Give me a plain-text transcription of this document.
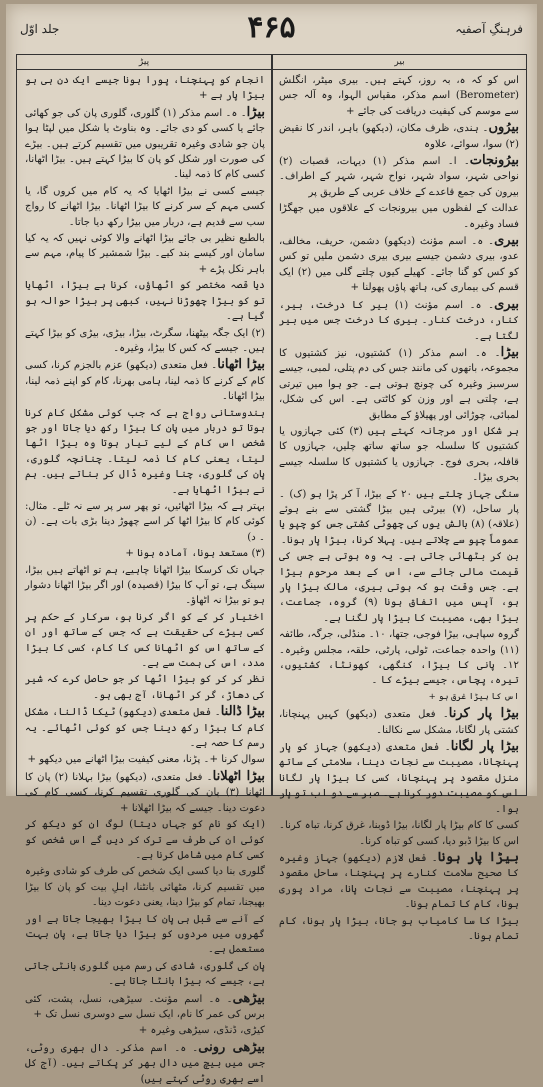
جلد اوّل	۴۶۵	فرہنگِ آصفیہ
پیڑ	بیر
اس کو کہ ہ، بہ روز، کہتے ہیں۔ بیری میٹر، انگلش (Berometer) اسم مذکر، مقیاس الہوا، وہ آلہ جس سے موسم کی کیفیت دریافت کی جائے +
بیرُوں۔ ہندی، ظرف مکان، (دیکھو) باہر، اندر کا نقیض (۲) سوا، سوائے، علاوہ
بیرُونجات۔ ا۔ اسم مذکر (۱) دیہات، قصبات (۲) نواحی شہر، سواد شہر، نواح شہر، شہر کے اطراف۔ بیرون کی جمع قاعدے کے خلاف عربی کے طریق پر
عدالت کے لفظوں میں بیرونجات کے علاقوں میں جھگڑا فساد وغیرہ۔
بیری۔ ہ۔ اسم مؤنث (دیکھو) دشمن، حریف، مخالف، عدو، بیری دشمن جیسے بیری بیری دشمن ملیں تو کس کو کس کو گنا جائے۔ کھیلے کیوں چلتے گلی میں (۲) ایک قسم کی بیماری کی، ہاتھ پاؤں پھولنا +
بیری۔ ہ۔ اسم مؤنث (۱) بیر کا درخت، بیر، کنار، درخت کنار۔ بیری کا درخت جس میں بیر لگتا ہے۔
بیڑا۔ ہ۔ اسم مذکر (۱) کشتیوں، نیز کشتیوں کا مجموعہ، باتھوں کی مانند جس کی دم پتلی، لمبی، جیسے سرسبز وغیرہ کی چونچ ہوتی ہے۔ جو ہوا میں تیرتی ہے، چلتی ہے اور وزن کو کاٹتی ہے۔ اس کی شکل، لمبائی، چوڑائی اور پھیلاؤ کے مطابق
ہر شکل اور مرجانہ کہتے ہیں (۳) کئی جہازوں یا کشتیوں کا سلسلہ جو ساتھ ساتھ چلیں، جہازوں کا قافلہ، بحری فوج۔ جہازوں یا کشتیوں کا سلسلہ جیسے بحری بیڑا۔
سنگی جہاز چلتے ہیں ۲۰ کے بیڑا، آ کر پڑا ہو (ک) ۔ پار ساحل، (۷) بیرٹی ہیں بیڑا گشتی سے بنے ہوئے (علاقہ) (۸) بالش یوں کی چھوٹی کشتی جس کو چپو یا عموماً چپو سے چلاتے ہیں۔ پہلا کرنا، بیڑا پار ہونا۔
بن کر بٹھائی جاتی ہے۔ یہ وہ ہوتی ہے جس کی قیمت مالی جائے سے، اس کے بعد مرحوم بیڑا ہے۔ جس وقت ہو کہ ہوتی بیری، مالک بیڑا پار ہو، آپس میں اتفاق ہونا (۹) گروہ، جماعت، بیڑا بھی، مصیبت کا بیڑا پار لگنا ہے۔
گروہ سپاہی، بیڑا فوجی، جتھا، ۱۰۔ منڈلی، جرگہ، طائفہ (۱۱) واحدہ جماعت، ٹولی، پارٹی، حلقہ، مجلس وغیرہ۔ ۱۲۔ پانی کا بیڑا، کنگھی، کھونٹا، کشتیوں، تیرہ، پچاس، جیسے بیڑے کا ۔
اس کا بیڑا غرق ہو +
بیڑا پار کرنا۔ فعل متعدی (دیکھو) کہیں پہنچانا، کشتی پار لگانا، مشکل سے نکالنا۔
بیڑا پار لگانا۔ فعل متعدی (دیکھو) جہاز کو پار پہنچانا، مصیبت سے نجات دینا، سلامتی کے ساتھ منزل مقصود پر پہنچانا، کسی کا بیڑا پار لگانا اس کو مصیبت دور کرنا ہے۔ صبر سے دو اب تو پار ہوا۔
کسی کا کام بیڑا پار لگانا، بیڑا ڈوبنا، غرق کرنا، تباہ کرنا۔ اس کا بیڑا ڈبو دیا، کسی کو تباہ کرنا۔
بیڑا پار ہونا۔ فعل لازم (دیکھو) جہاز وغیرہ کا صحیح سلامت کنارے پر پہنچنا، ساحل مقصود پر پہنچنا، مصیبت سے نجات پانا، مراد پوری ہونا، کام کا تمام ہونا۔
بیڑا کا سا کامیاب ہو جانا، بیڑا پار ہونا، کام تمام ہونا۔
انجام کو پہنچنا، پورا ہونا جیسے ایک دن ہی ہو بیڑا پار ہے +
بیڑا۔ ہ۔ اسم مذکر (۱) گلوری، گلوری پان کی جو کھائی جائے یا کسی کو دی جائے۔ وہ بناوٹ یا شکل میں لپٹا ہوا پان جو شادی وغیرہ تقریبوں میں تقسیم کرتے ہیں۔ بیڑے کی صورت اور شکل کو پان کا بیڑا کہتے ہیں۔ بیڑا اٹھانا، کسی کام کا ذمہ لینا۔
جیسے کسی نے بیڑا اٹھایا کہ یہ کام میں کروں گا، یا کسی مہم کے سر کرنے کا بیڑا اٹھانا۔ بیڑا اٹھانے کا رواج سب سے قدیم ہے، دربار میں بیڑا رکھ دیا جاتا۔
بالطبع نظیر بی جائے بیڑا اٹھانے والا کوئی نہیں کہ یہ کیا سامان اور کیسے بند کیے۔ بیڑا شمشیر کا پیام، مہم سے باہر نکل پڑے +
دیا قصہ مختصر کو اٹھاؤں، کرنا ہے بیڑا، اٹھایا تو کو بیڑا چھوڑنا نہیں، کبھی پر بیڑا حوالہ ہو گیا ہے۔
(۲) ایک جگہ بیٹھنا، سگرٹ، بیڑا، بیڑی، بیڑی کو بیڑا کہتے ہیں۔ جیسے کہ کس کا بیڑا، وغیرہ۔
بیڑا اٹھانا۔ فعل متعدی (دیکھو) عزم بالجزم کرنا، کسی کام کے کرنے کا ذمہ لینا، ہامی بھرنا، کام کو اپنے ذمہ لینا، بیڑا اٹھانا۔
ہندوستانی رواج ہے کہ جب کوئی مشکل کام کرنا ہوتا تو دربار میں پان کا بیڑا رکھ دیا جاتا اور جو شخص اس کام کے لیے تیار ہوتا وہ بیڑا اٹھا لیتا، یعنی کام کا ذمہ لیتا۔ چنانچہ گلوری، پان کی گلوری، چنا وغیرہ ڈال کر بناتے ہیں۔ ہم نے بیڑا اٹھایا ہے۔
بہتر ہے کہ بیڑا اٹھائیں، تو پھر سر پر سے نہ ٹلے۔ مثال: کوئی کام کا بیڑا اٹھا کر اسے چھوڑ دینا بڑی بات ہے۔ (ن ۔ د)
(۳) مستعد ہونا، آمادہ ہونا +
جہاں تک کرسکا بیڑا اٹھانا چاہیے، ہم تو اٹھاتے ہیں بیڑا، سینگ ہے، تو آپ کا بیڑا (قصیدہ) اور اگر بیڑا اٹھانا دشوار ہو تو بیڑا نہ اٹھاؤ۔
اختیار کر کے کو اگر کرنا ہو، سرکار کے حکم پر کسی بیڑے کی حقیقت ہے کہ جس کے ساتھ اور ان کے ساتھ اس کو اٹھانا کس کا کام، کسی کا بیڑا مدد، اس کی ہمت سے ہے۔
نظر کر کر کو بیڑا اٹھا کر جو حاصل کرے کہ شیر کی دھاڑ، گر کر اٹھانا، آج بھی ہو۔
بیڑا ڈالنا۔ فعل متعدی (دیکھو) ٹیکا ڈالنا، مشکل کام کا بیڑا رکھ دینا جس کو کوئی اٹھائے۔ یہ رسم کا حصہ ہے۔
سوال کرنا +۔ پڑنا، معنی کیفیت بیڑا اٹھانے میں دیکھو +
بیڑا اٹھلانا۔ فعل متعدی، (دیکھو) بیڑا بہلانا (۲) پان کا اٹھانا (۳) پان کی گلوری تقسیم کرنا، کسی کام کی دعوت دینا۔ جیسے کہ بیڑا اٹھلانا +
(ایک کو نام کو جہاں دیتا) لوگ ان کو دیکھ کر کوئی ان کی طرف سے ترک کر دیں گے اس شخص کو کسی کام میں شامل کرنا ہے۔
گلوری بنا دیا کسی ایک شخص کی طرف کو شادی وغیرہ میں تقسیم کرنا، مٹھائی بانٹنا، اہلِ بیت کو پان کا بیڑا بھیجنا، تمام کو بیڑا دینا، یعنی دعوت دینا۔
کے آنے سے قبل ہی پان کا بیڑا بھیجا جاتا ہے اور گھروں میں مردوں کو بیڑا دیا جاتا ہے، پان بہت مستعمل ہے۔
پان کی گلوری، شادی کی رسم میں گلوری بانٹی جاتی ہے، جیسے کہ بیڑا بانٹا جاتا ہے۔
بیڑھی۔ ہ۔ اسم مؤنث۔ سیڑھی، نسل، پشت، کئی برس کی عمر کا نام، ایک نسل سے دوسری نسل تک +
کیڑی، ڈنڈی، سیڑھی وغیرہ +
بیڑھی رونی۔ ہ۔ اسم مذکر۔ دال بھری روٹی، جس میں بیچ میں دال بھر کر پکاتے ہیں۔ (آج کل اسے بھری روٹی کہتے ہیں)
